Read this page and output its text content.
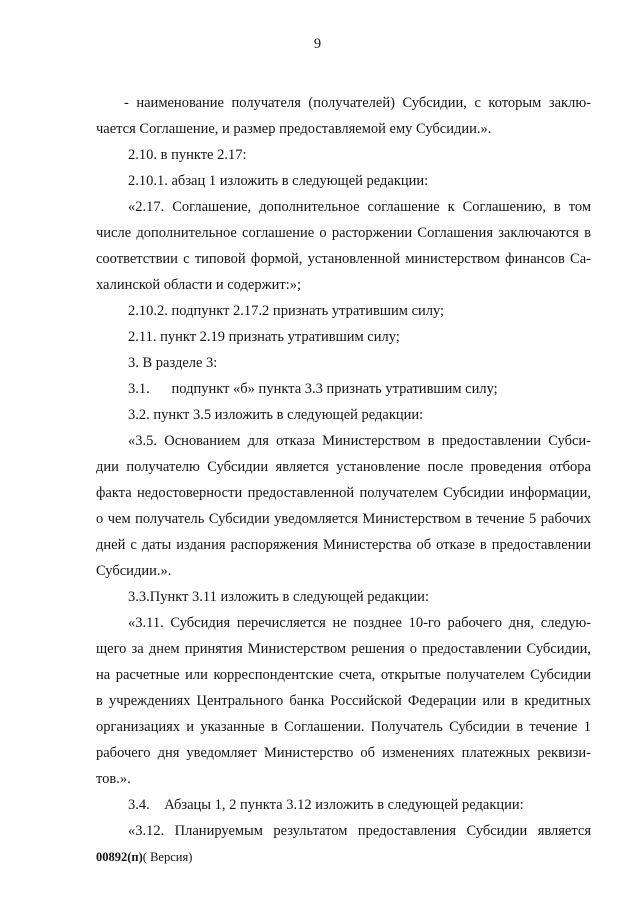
9
- наименование получателя (получателей) Субсидии, с которым заклю-
чается Соглашение, и размер предоставляемой ему Субсидии.».
2.10. в пункте 2.17:
2.10.1. абзац 1 изложить в следующей редакции:
«2.17. Соглашение, дополнительное соглашение к Соглашению, в том
числе дополнительное соглашение о расторжении Соглашения заключаются в
соответствии с типовой формой, установленной министерством финансов Са-
халинской области и содержит:»;
2.10.2. подпункт 2.17.2 признать утратившим силу;
2.11. пункт 2.19 признать утратившим силу;
3. В разделе 3:
3.1.      подпункт «б» пункта 3.3 признать утратившим силу;
3.2. пункт 3.5 изложить в следующей редакции:
«3.5. Основанием для отказа Министерством в предоставлении Субси-
дии получателю Субсидии является установление после проведения отбора
факта недостоверности предоставленной получателем Субсидии информации,
о чем получатель Субсидии уведомляется Министерством в течение 5 рабочих
дней с даты издания распоряжения Министерства об отказе в предоставлении
Субсидии.».
3.3.Пункт 3.11 изложить в следующей редакции:
«3.11. Субсидия перечисляется не позднее 10-го рабочего дня, следую-
щего за днем принятия Министерством решения о предоставлении Субсидии,
на расчетные или корреспондентские счета, открытые получателем Субсидии
в учреждениях Центрального банка Российской Федерации или в кредитных
организациях и указанные в Соглашении. Получатель Субсидии в течение 1
рабочего дня уведомляет Министерство об изменениях платежных реквизи-
тов.».
3.4.    Абзацы 1, 2 пункта 3.12 изложить в следующей редакции:
«3.12. Планируемым результатом предоставления Субсидии является
00892(п)( Версия)
